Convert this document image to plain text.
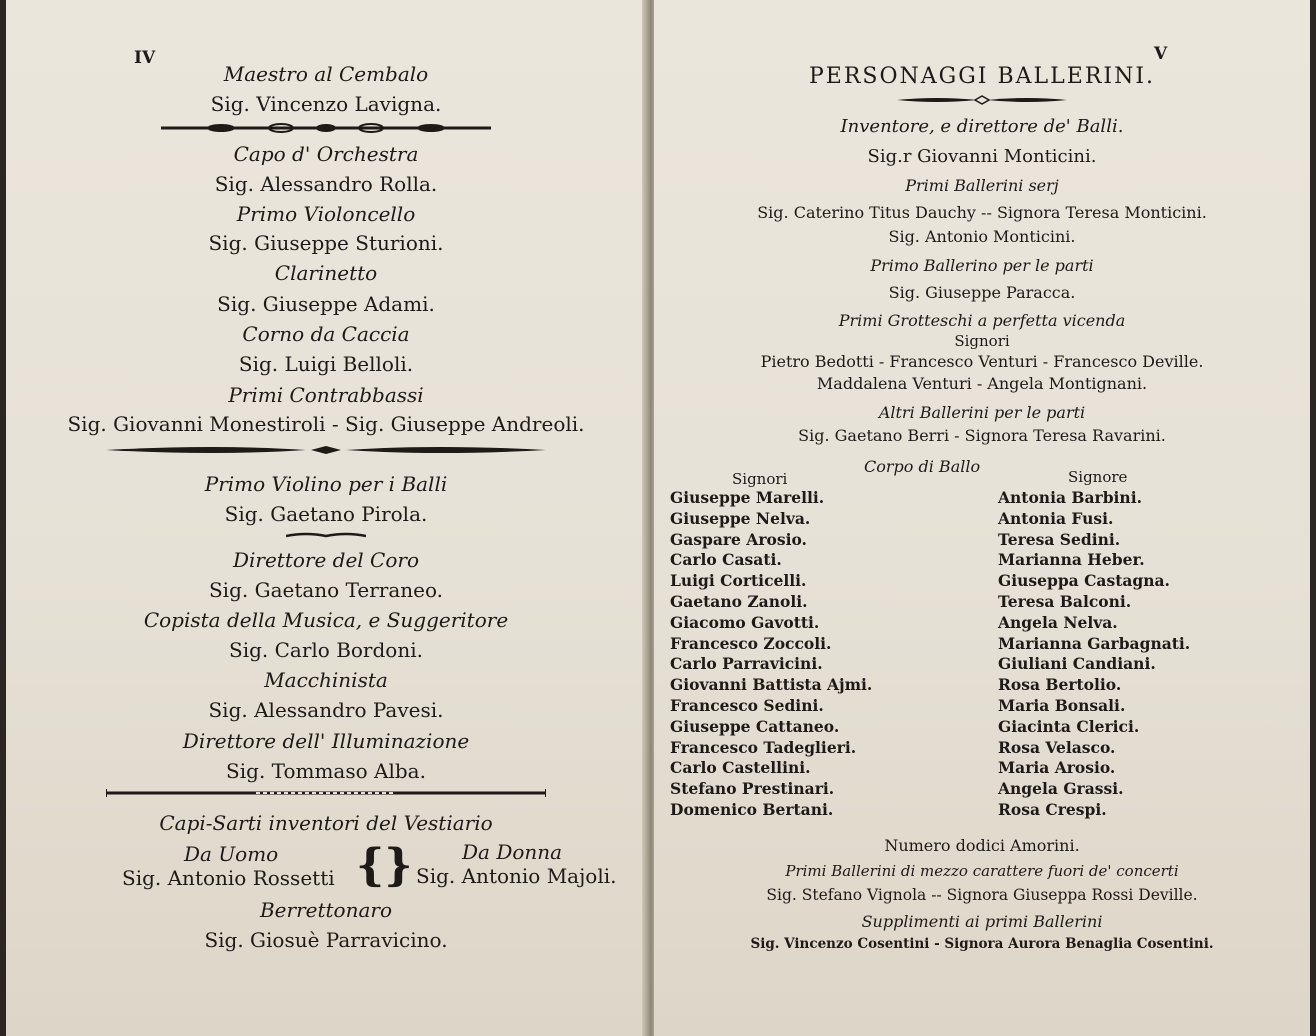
IV
Maestro al Cembalo
Sig. Vincenzo Lavigna.
Capo d' Orchestra
Sig. Alessandro Rolla.
Primo Violoncello
Sig. Giuseppe Sturioni.
Clarinetto
Sig. Giuseppe Adami.
Corno da Caccia
Sig. Luigi Belloli.
Primi Contrabbassi
Sig. Giovanni Monestiroli - Sig. Giuseppe Andreoli.
Primo Violino per i Balli
Sig. Gaetano Pirola.
Direttore del Coro
Sig. Gaetano Terraneo.
Copista della Musica, e Suggeritore
Sig. Carlo Bordoni.
Macchinista
Sig. Alessandro Pavesi.
Direttore dell' Illuminazione
Sig. Tommaso Alba.
Capi-Sarti inventori del Vestiario
Da Uomo
Sig. Antonio Rossetti {} Da Donna
Sig. Antonio Majoli.
Berrettonaro
Sig. Giosuè Parravicino.
V
PERSONAGGI BALLERINI.
Inventore, e direttore de' Balli.
Sig.r Giovanni Monticini.
Primi Ballerini serj
Sig. Caterino Titus Dauchy -- Signora Teresa Monticini.
Sig. Antonio Monticini.
Primo Ballerino per le parti
Sig. Giuseppe Paracca.
Primi Grotteschi a perfetta vicenda
Signori
Pietro Bedotti - Francesco Venturi - Francesco Deville.
Maddalena Venturi - Angela Montignani.
Altri Ballerini per le parti
Sig. Gaetano Berri - Signora Teresa Ravarini.
Signori
Corpo di Ballo
Signore
Giuseppe Marelli.
Giuseppe Nelva.
Gaspare Arosio.
Carlo Casati.
Luigi Corticelli.
Gaetano Zanoli.
Giacomo Gavotti.
Francesco Zoccoli.
Carlo Parravicini.
Giovanni Battista Ajmi.
Francesco Sedini.
Giuseppe Cattaneo.
Francesco Tadeglieri.
Carlo Castellini.
Stefano Prestinari.
Domenico Bertani.
Antonia Barbini.
Antonia Fusi.
Teresa Sedini.
Marianna Heber.
Giuseppa Castagna.
Teresa Balconi.
Angela Nelva.
Marianna Garbagnati.
Giuliani Candiani.
Rosa Bertolio.
Maria Bonsali.
Giacinta Clerici.
Rosa Velasco.
Maria Arosio.
Angela Grassi.
Rosa Crespi.
Numero dodici Amorini.
Primi Ballerini di mezzo carattere fuori de' concerti
Sig. Stefano Vignola -- Signora Giuseppa Rossi Deville.
Supplimenti ai primi Ballerini
Sig. Vincenzo Cosentini - Signora Aurora Benaglia Cosentini.
